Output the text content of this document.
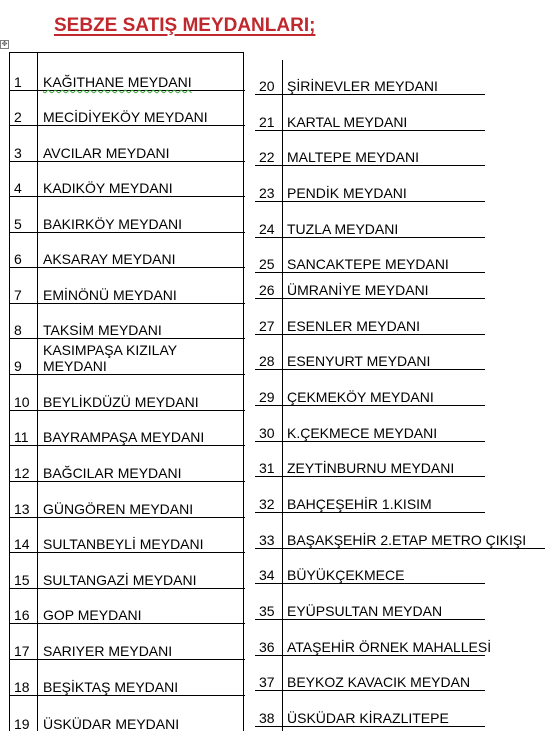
SEBZE SATIŞ MEYDANLARI;
✥
1 KAĞITHANE MEYDANI
2 MECİDİYEKÖY MEYDANI
3 AVCILAR MEYDANI
4 KADIKÖY MEYDANI
5 BAKIRKÖY MEYDANI
6 AKSARAY MEYDANI
7 EMİNÖNÜ MEYDANI
8 TAKSİM MEYDANI
9
KASIMPAŞA KIZILAY MEYDANI
10 BEYLİKDÜZÜ MEYDANI
11 BAYRAMPAŞA MEYDANI
12 BAĞCILAR MEYDANI
13 GÜNGÖREN MEYDANI
14 SULTANBEYLİ MEYDANI
15 SULTANGAZİ MEYDANI
16 GOP MEYDANI
17 SARIYER MEYDANI
18 BEŞİKTAŞ MEYDANI
19 ÜSKÜDAR MEYDANI
20 ŞİRİNEVLER MEYDANI
21 KARTAL MEYDANI
22 MALTEPE MEYDANI
23 PENDİK MEYDANI
24 TUZLA MEYDANI
25 SANCAKTEPE MEYDANI
26 ÜMRANİYE MEYDANI
27 ESENLER MEYDANI
28 ESENYURT MEYDANI
29 ÇEKMEKÖY MEYDANI
30 K.ÇEKMECE MEYDANI
31 ZEYTİNBURNU MEYDANI
32 BAHÇEŞEHİR 1.KISIM
33 BAŞAKŞEHİR 2.ETAP METRO ÇIKIŞI
34 BÜYÜKÇEKMECE
35 EYÜPSULTAN MEYDAN
36 ATAŞEHİR ÖRNEK MAHALLESİ
37 BEYKOZ KAVACIK MEYDAN
38 ÜSKÜDAR KİRAZLITEPE
